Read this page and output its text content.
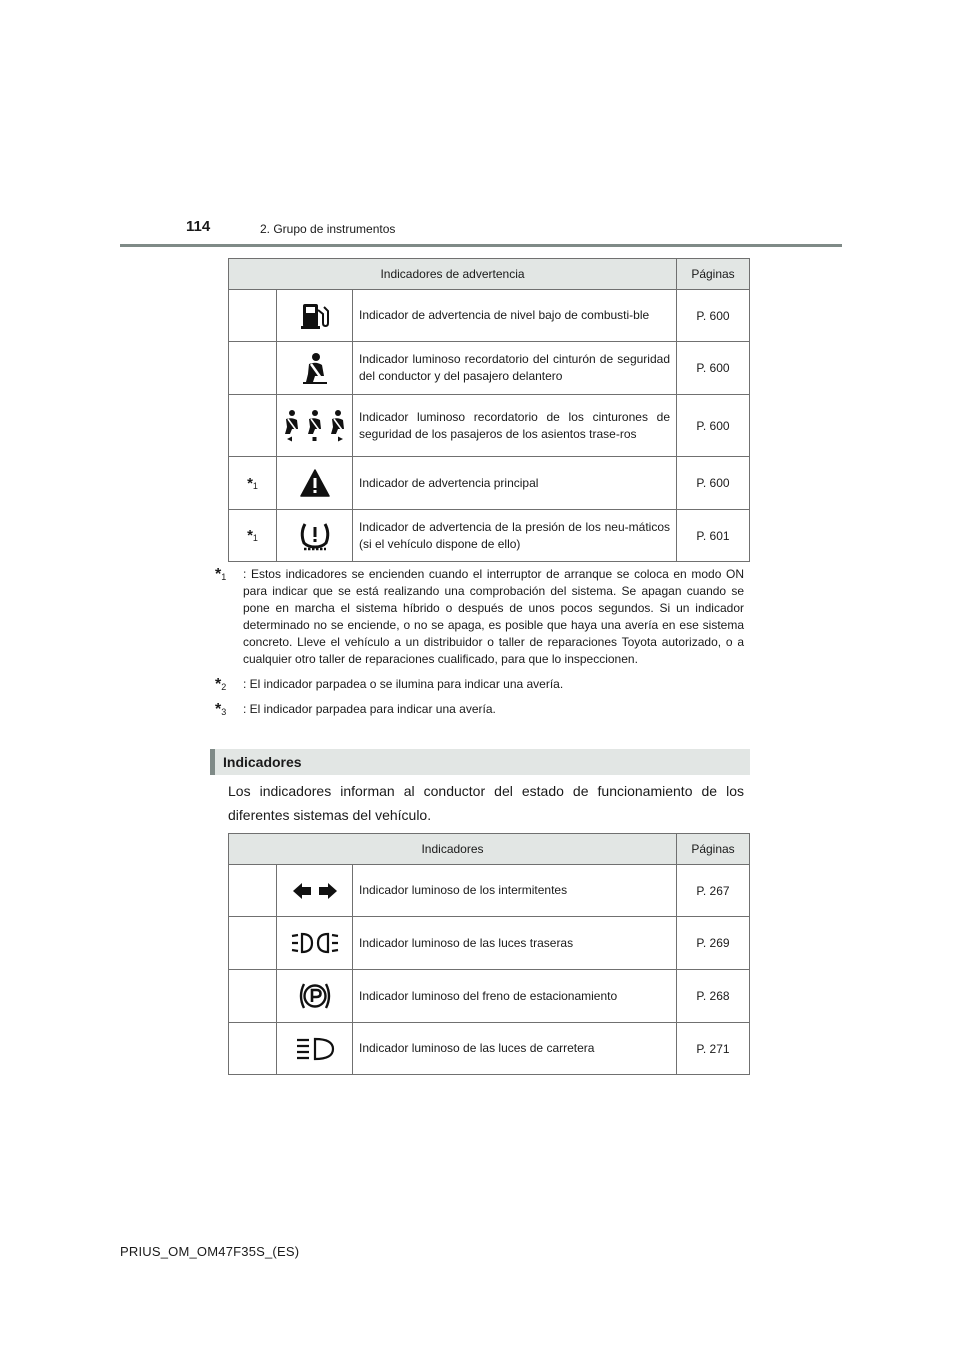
114	2. Grupo de instrumentos
Indicadores de advertencia			Páginas
		Indicador de advertencia de nivel bajo de combusti-ble	P. 600
		Indicador luminoso recordatorio del cinturón de seguridad del conductor y del pasajero delantero	P. 600
		Indicador luminoso recordatorio de los cinturones de seguridad de los pasajeros de los asientos trase-ros	P. 600
*1		Indicador de advertencia principal	P. 600
*1		Indicador de advertencia de la presión de los neu-máticos (si el vehículo dispone de ello)	P. 601
*$^1$ : Estos indicadores se encienden cuando el interruptor de arranque se coloca en modo ON para indicar que se está realizando una comprobación del sistema. Se apagan cuando se pone en marcha el sistema híbrido o después de unos pocos segundos. Si un indicador determinado no se enciende, o no se apaga, es posible que haya una avería en ese sistema concreto. Lleve el vehículo a un distribuidor o taller de reparaciones Toyota autorizado, o a cualquier otro taller de reparaciones cualificado, para que lo inspeccionen.
*$^2$ : El indicador parpadea o se ilumina para indicar una avería.
*$^3$ : El indicador parpadea para indicar una avería.
Indicadores
Los indicadores informan al conductor del estado de funcionamiento de los diferentes sistemas del vehículo.
Indicadores			Páginas
		Indicador luminoso de los intermitentes	P. 267
		Indicador luminoso de las luces traseras	P. 269
		Indicador luminoso del freno de estacionamiento	P. 268
		Indicador luminoso de las luces de carretera	P. 271
PRIUS_OM_OM47F35S_(ES)
